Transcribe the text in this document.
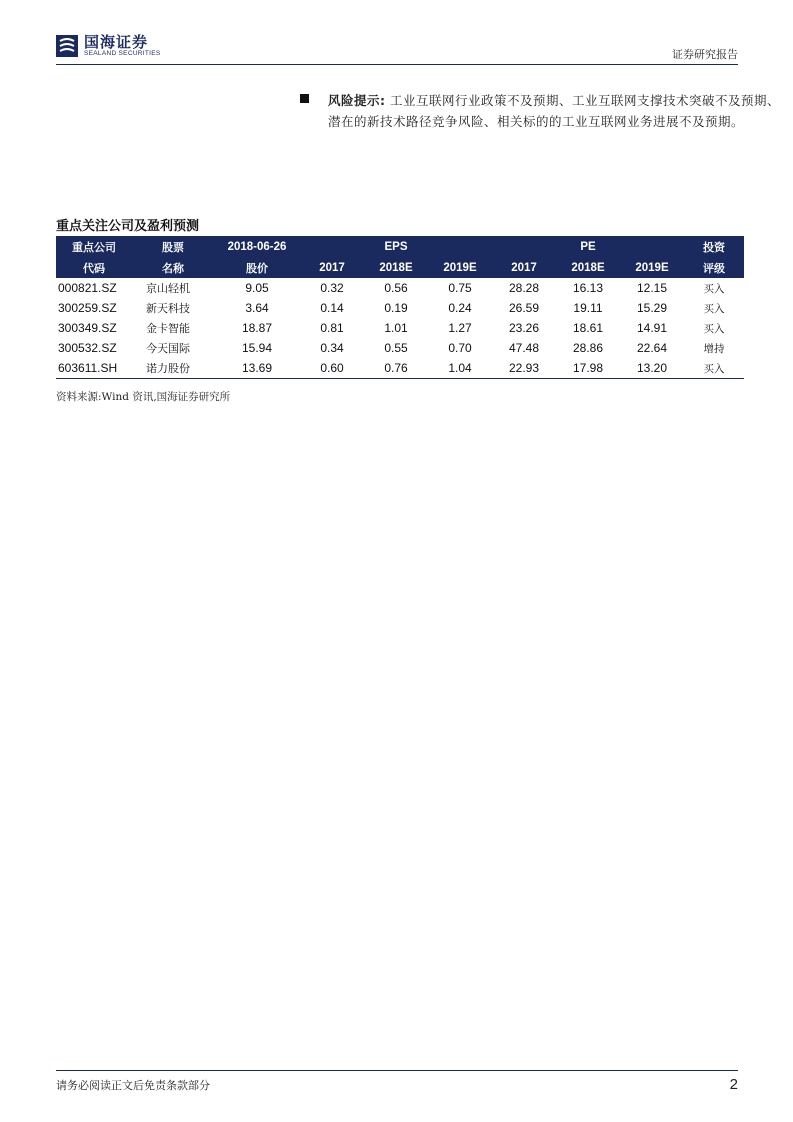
国海证券
SEALAND SECURITIES	证券研究报告
风险提示: 工业互联网行业政策不及预期、工业互联网支撑技术突破不及预期、潜在的新技术路径竞争风险、相关标的的工业互联网业务进展不及预期。
重点关注公司及盈利预测
重点公司	股票	2018-06-26		EPS			PE		投资
代码	名称	股价	2017	2018E	2019E	2017	2018E	2019E	评级
000821.SZ	京山轻机	9.05	0.32	0.56	0.75	28.28	16.13	12.15	买入
300259.SZ	新天科技	3.64	0.14	0.19	0.24	26.59	19.11	15.29	买入
300349.SZ	金卡智能	18.87	0.81	1.01	1.27	23.26	18.61	14.91	买入
300532.SZ	今天国际	15.94	0.34	0.55	0.70	47.48	28.86	22.64	增持
603611.SH	诺力股份	13.69	0.60	0.76	1.04	22.93	17.98	13.20	买入
资料来源:Wind 资讯,国海证券研究所
请务必阅读正文后免责条款部分	2
